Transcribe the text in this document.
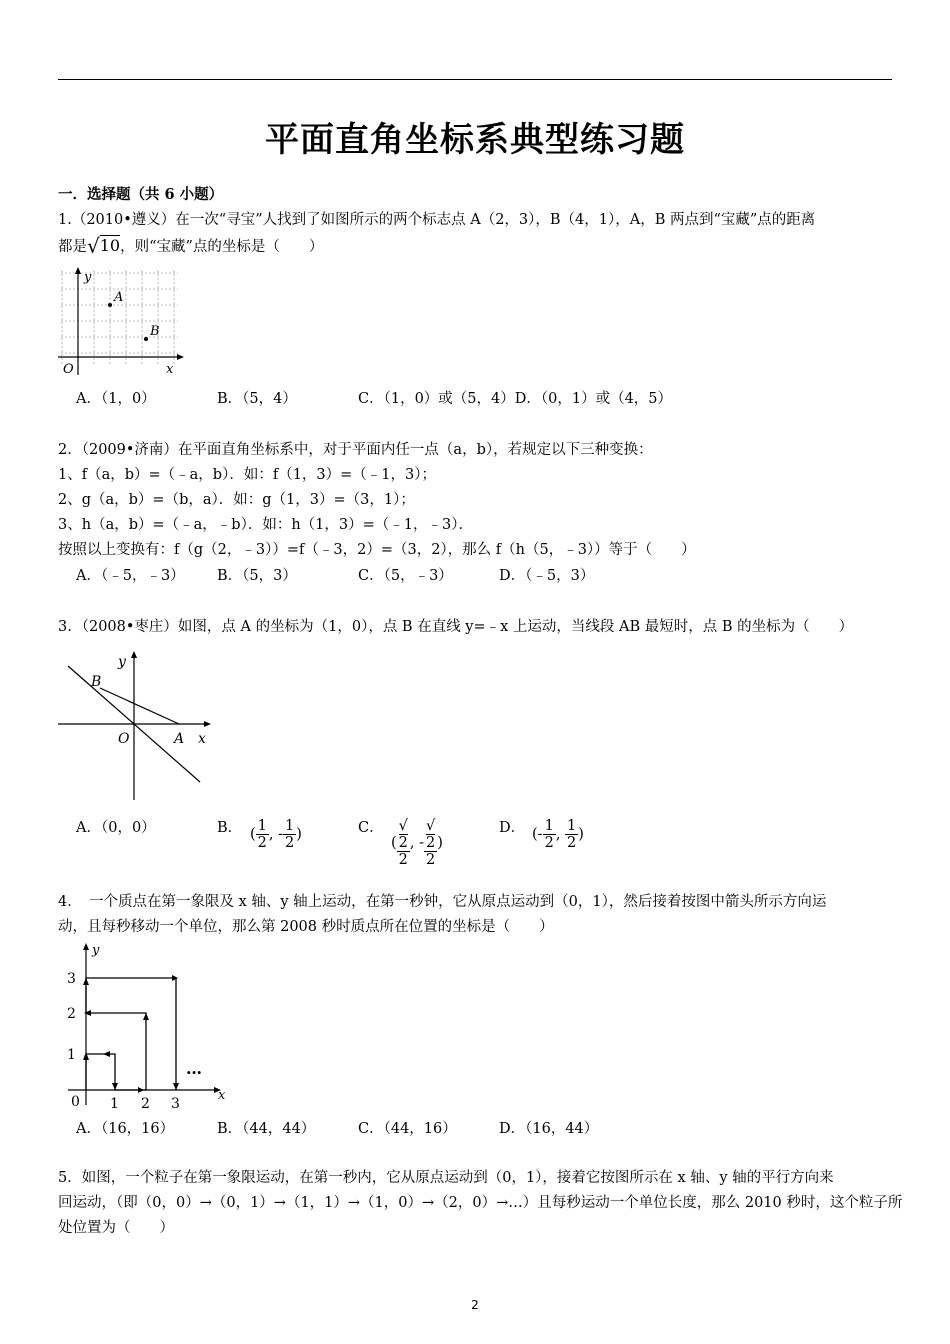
平面直角坐标系典型练习题
一．选择题（共 6 小题）
1.（2010•遵义）在一次“寻宝”人找到了如图所示的两个标志点 A（2，3），B（4，1），A，B 两点到“宝藏”点的距离
都是√10，则“宝藏”点的坐标是（　　）
y
A
B
O	x
A．（1，0）	B．（5，4）	C．（1，0）或（5，4）D．（0，1）或（4，5）
2．（2009•济南）在平面直角坐标系中，对于平面内任一点（a，b），若规定以下三种变换：
1、f（a，b）=（﹣a，b）．如：f（1，3）=（﹣1，3）；
2、g（a，b）=（b，a）．如：g（1，3）=（3，1）；
3、h（a，b）=（﹣a，﹣b）．如：h（1，3）=（﹣1，﹣3）．
按照以上变换有：f（g（2，﹣3））=f（﹣3，2）=（3，2），那么 f（h（5，﹣3））等于（　　）
A．（﹣5，﹣3） B．（5，3）	C．（5，﹣3）	D．（﹣5，3）
3．（2008•枣庄）如图，点 A 的坐标为（1，0），点 B 在直线 y=﹣x 上运动，当线段 AB 最短时，点 B 的坐标为（　　）
y
B
O	A x
A．（0，0）	B． ( $\frac{1}{2}$ , - $\frac{1}{2}$ )	C．
( √
2
2 , - √
2
2 )
D． (- $\frac{1}{2}$ , $\frac{1}{2}$ )
4．　一个质点在第一象限及 x 轴、y 轴上运动，在第一秒钟，它从原点运动到（0，1），然后接着按图中箭头所示方向运
动，且每秒移动一个单位，那么第 2008 秒时质点所在位置的坐标是（　　）
y
3
2
1
0 1 2 3
…
x
A．（16，16）	B．（44，44）	C．（44，16）	D．（16，44）
5．如图，一个粒子在第一象限运动，在第一秒内，它从原点运动到（0，1），接着它按图所示在 x 轴、y 轴的平行方向来
回运动，（即（0，0）→（0，1）→（1，1）→（1，0）→（2，0）→…）且每秒运动一个单位长度，那么 2010 秒时，这个粒子所
处位置为（　　）
2
